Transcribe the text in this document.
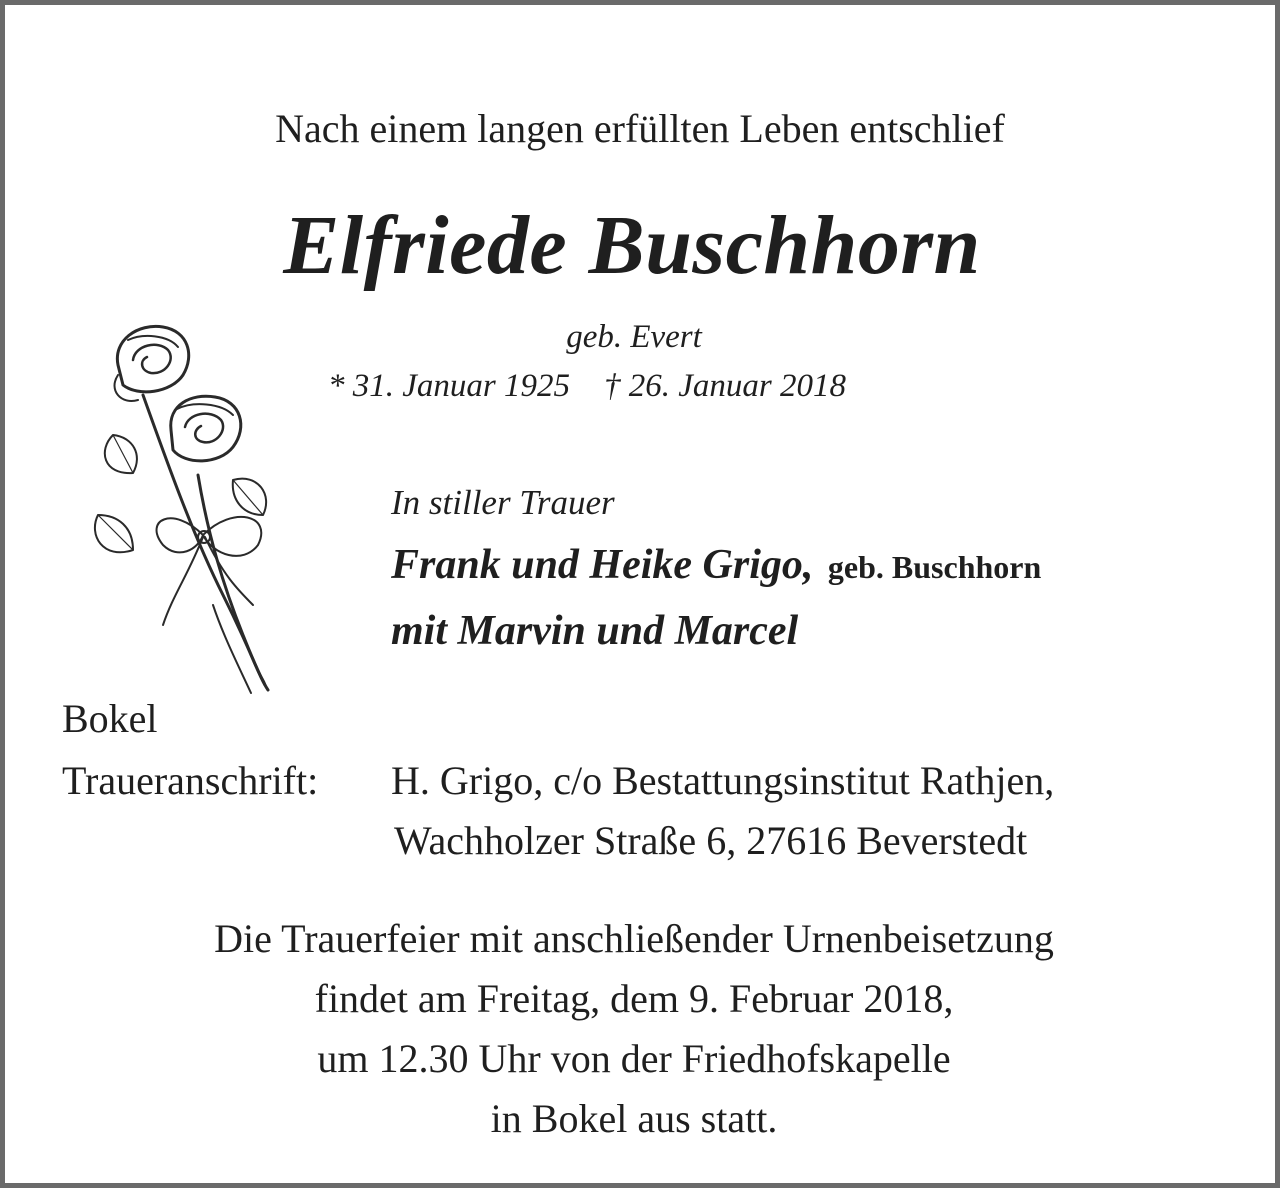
Nach einem langen erfüllten Leben entschlief
Elfriede Buschhorn
geb. Evert
* 31. Januar 1925 † 26. Januar 2018
In stiller Trauer
Frank und Heike Grigo, geb. Buschhorn
mit Marvin und Marcel
Bokel
Traueranschrift: H. Grigo, c/o Bestattungsinstitut Rathjen,
Wachholzer Straße 6, 27616 Beverstedt
Die Trauerfeier mit anschließender Urnenbeisetzung
findet am Freitag, dem 9. Februar 2018,
um 12.30 Uhr von der Friedhofskapelle
in Bokel aus statt.
